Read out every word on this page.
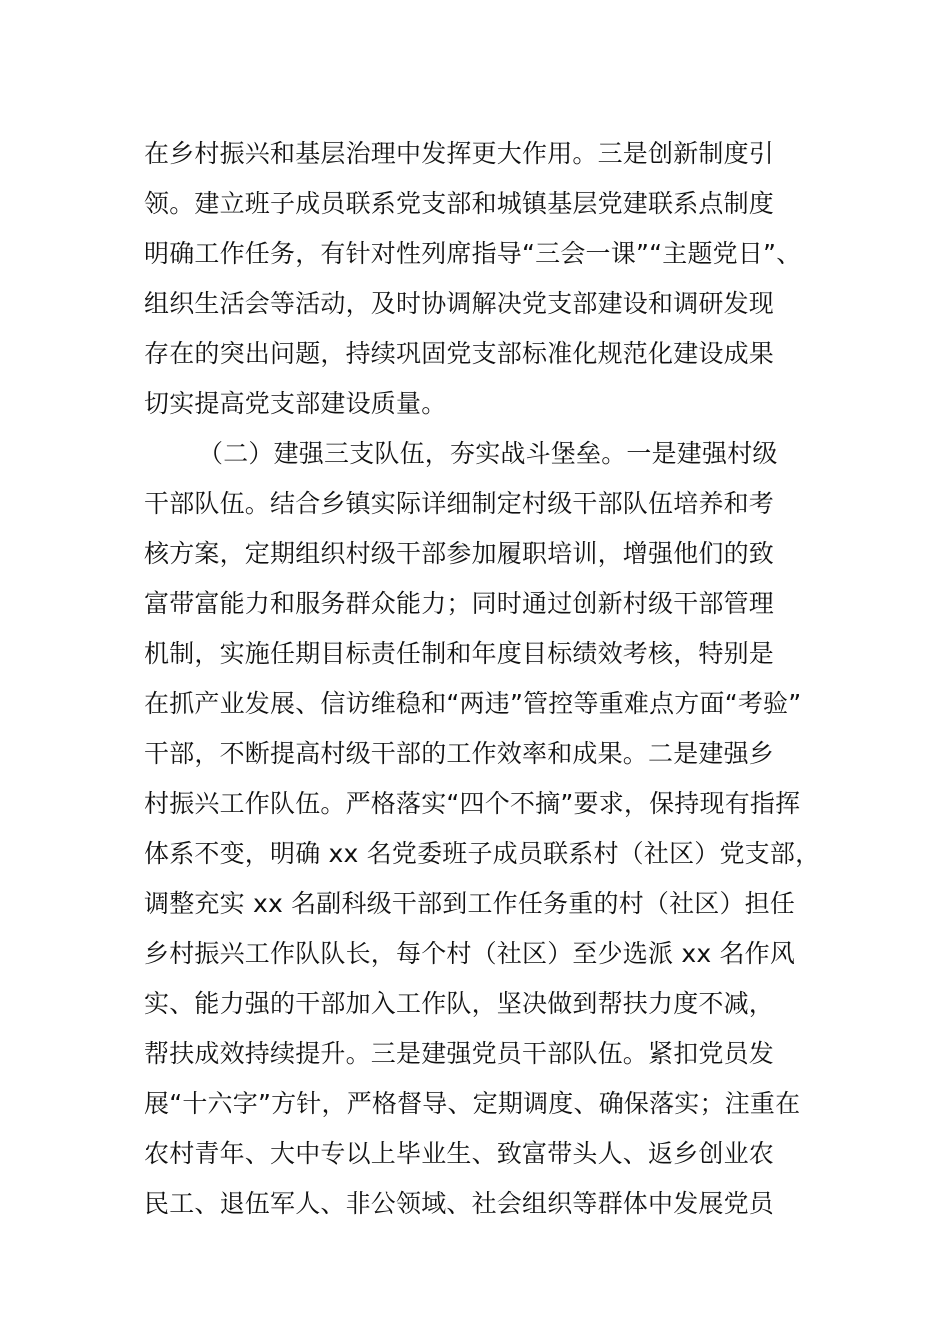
在乡村振兴和基层治理中发挥更大作用。三是创新制度引
领。建立班子成员联系党支部和城镇基层党建联系点制度
明确工作任务，有针对性列席指导“三会一课”“主题党日”、
组织生活会等活动，及时协调解决党支部建设和调研发现
存在的突出问题，持续巩固党支部标准化规范化建设成果
切实提高党支部建设质量。
（二）建强三支队伍，夯实战斗堡垒。一是建强村级
干部队伍。结合乡镇实际详细制定村级干部队伍培养和考
核方案，定期组织村级干部参加履职培训，增强他们的致
富带富能力和服务群众能力；同时通过创新村级干部管理
机制，实施任期目标责任制和年度目标绩效考核，特别是
在抓产业发展、信访维稳和“两违”管控等重难点方面“考验”
干部，不断提高村级干部的工作效率和成果。二是建强乡
村振兴工作队伍。严格落实“四个不摘”要求，保持现有指挥
体系不变，明确 xx 名党委班子成员联系村（社区）党支部，
调整充实 xx 名副科级干部到工作任务重的村（社区）担任
乡村振兴工作队队长，每个村（社区）至少选派 xx 名作风
实、能力强的干部加入工作队，坚决做到帮扶力度不减，
帮扶成效持续提升。三是建强党员干部队伍。紧扣党员发
展“十六字”方针，严格督导、定期调度、确保落实；注重在
农村青年、大中专以上毕业生、致富带头人、返乡创业农
民工、退伍军人、非公领域、社会组织等群体中发展党员
